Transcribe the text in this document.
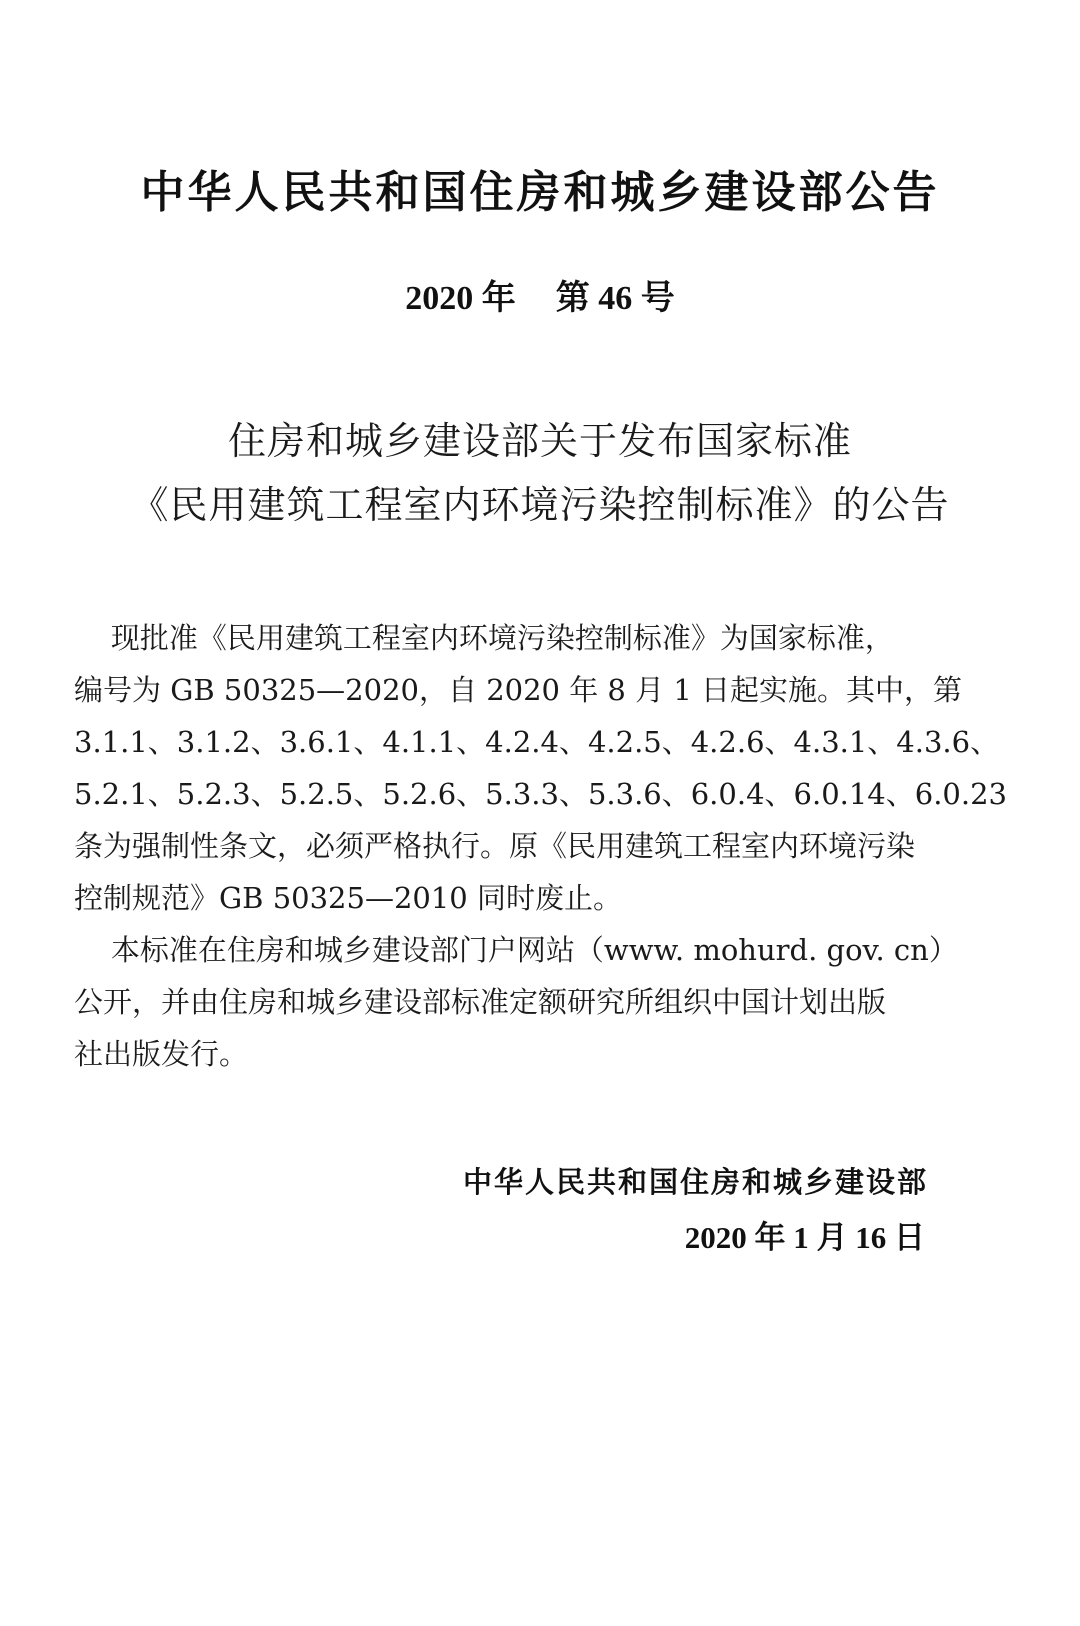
中华人民共和国住房和城乡建设部公告
2020 年 第 46 号
住房和城乡建设部关于发布国家标准
《民用建筑工程室内环境污染控制标准》的公告
现批准《民用建筑工程室内环境污染控制标准》为国家标准，
编号为 GB 50325—2020，自 2020 年 8 月 1 日起实施。其中，第
3.1.1、3.1.2、3.6.1、4.1.1、4.2.4、4.2.5、4.2.6、4.3.1、4.3.6、
5.2.1、5.2.3、5.2.5、5.2.6、5.3.3、5.3.6、6.0.4、6.0.14、6.0.23
条为强制性条文，必须严格执行。原《民用建筑工程室内环境污染
控制规范》GB 50325—2010 同时废止。
本标准在住房和城乡建设部门户网站（www. mohurd. gov. cn）
公开，并由住房和城乡建设部标准定额研究所组织中国计划出版
社出版发行。
中华人民共和国住房和城乡建设部
2020 年 1 月 16 日
